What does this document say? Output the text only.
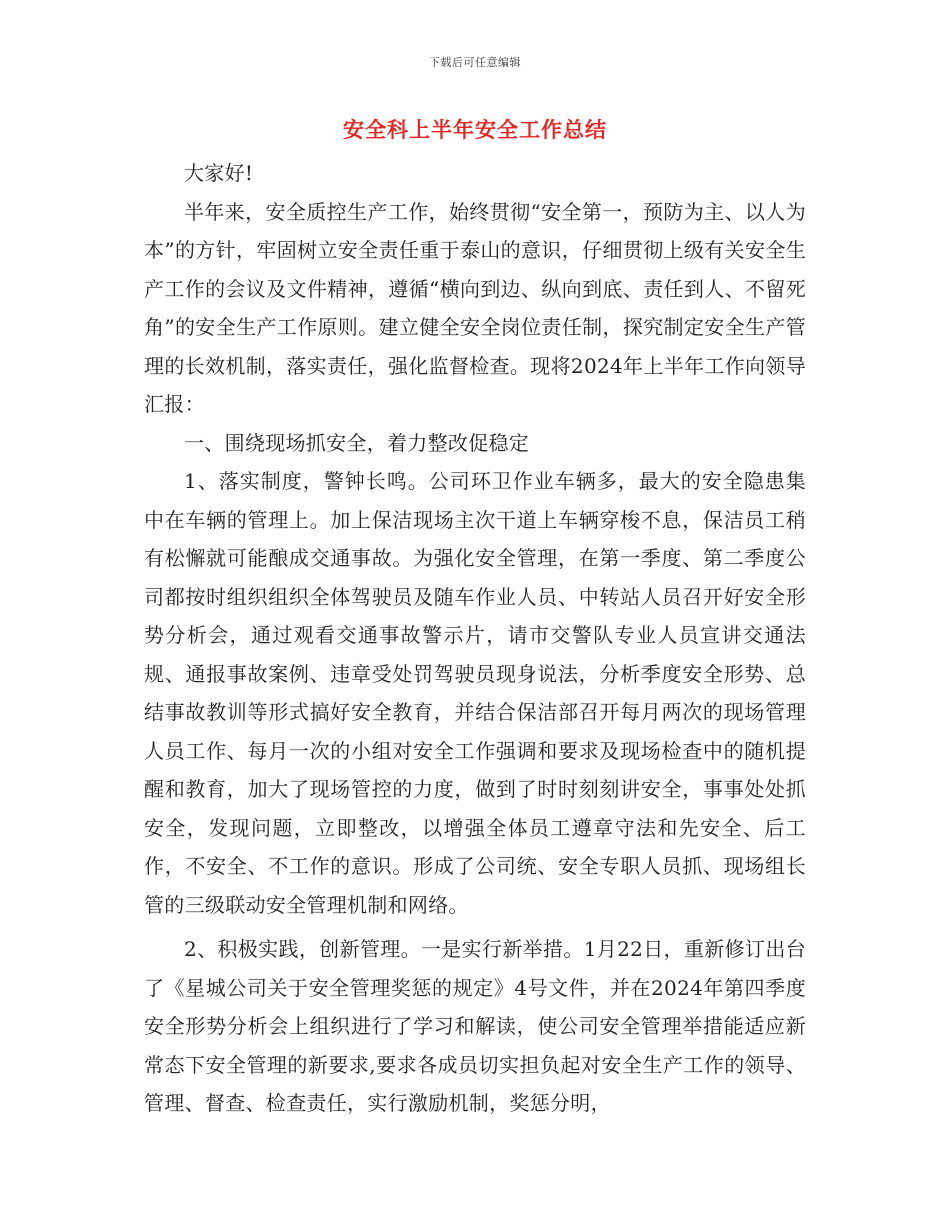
下载后可任意编辑
安全科上半年安全工作总结

大家好!

半年来，安全质控生产工作，始终贯彻“安全第一，预防为主、以人为本”的方针，牢固树立安全责任重于泰山的意识，仔细贯彻上级有关安全生产工作的会议及文件精神，遵循“横向到边、纵向到底、责任到人、不留死角”的安全生产工作原则。建立健全安全岗位责任制，探究制定安全生产管理的长效机制，落实责任，强化监督检查。现将2024年上半年工作向领导汇报：

一、围绕现场抓安全，着力整改促稳定

1、落实制度，警钟长鸣。公司环卫作业车辆多，最大的安全隐患集中在车辆的管理上。加上保洁现场主次干道上车辆穿梭不息，保洁员工稍有松懈就可能酿成交通事故。为强化安全管理，在第一季度、第二季度公司都按时组织组织全体驾驶员及随车作业人员、中转站人员召开好安全形势分析会，通过观看交通事故警示片，请市交警队专业人员宣讲交通法规、通报事故案例、违章受处罚驾驶员现身说法，分析季度安全形势、总结事故教训等形式搞好安全教育，并结合保洁部召开每月两次的现场管理人员工作、每月一次的小组对安全工作强调和要求及现场检查中的随机提醒和教育，加大了现场管控的力度，做到了时时刻刻讲安全，事事处处抓安全，发现问题，立即整改，以增强全体员工遵章守法和先安全、后工作，不安全、不工作的意识。形成了公司统、安全专职人员抓、现场组长管的三级联动安全管理机制和网络。

2、积极实践，创新管理。一是实行新举措。1月22日，重新修订出台了《星城公司关于安全管理奖惩的规定》4号文件，并在2024年第四季度安全形势分析会上组织进行了学习和解读，使公司安全管理举措能适应新常态下安全管理的新要求,要求各成员切实担负起对安全生产工作的领导、管理、督查、检查责任，实行激励机制，奖惩分明，
